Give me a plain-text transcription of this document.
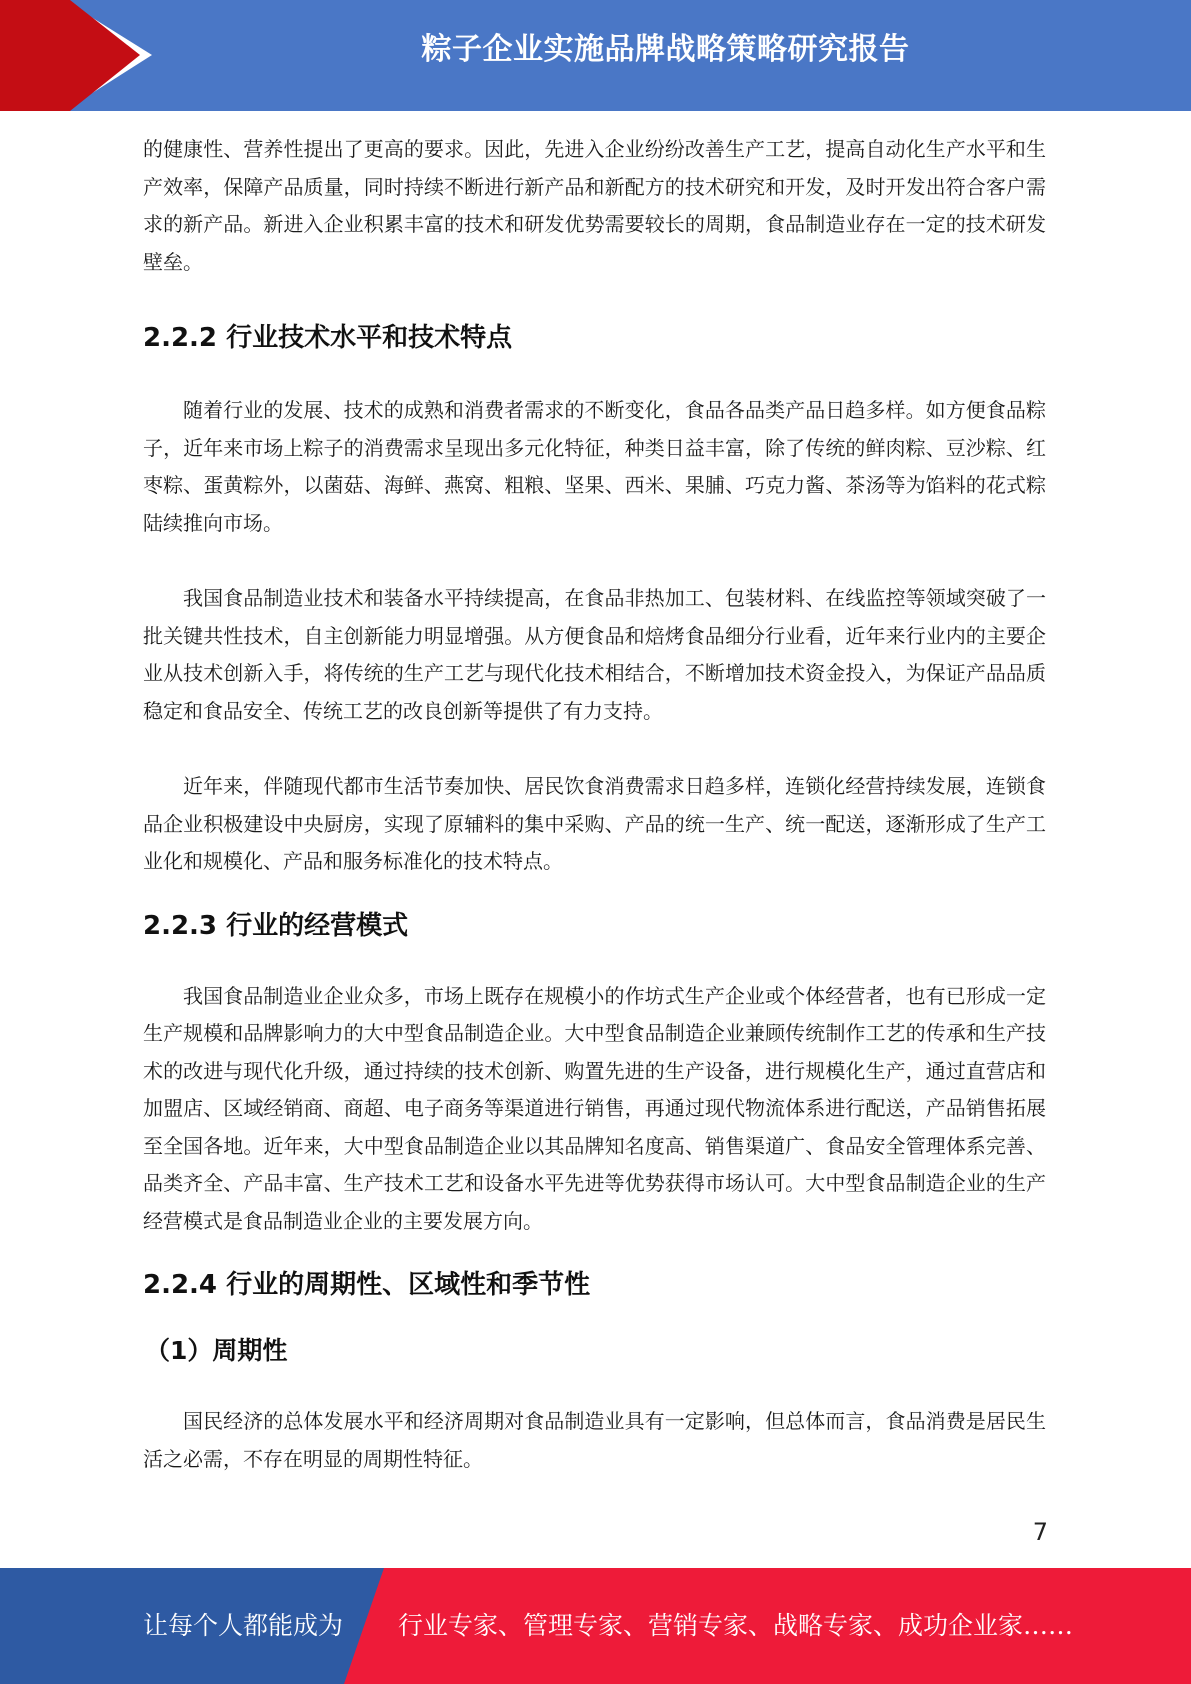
粽子企业实施品牌战略策略研究报告

的健康性、营养性提出了更高的要求。因此，先进入企业纷纷改善生产工艺，提高自动化生产水平和生产效率，保障产品质量，同时持续不断进行新产品和新配方的技术研究和开发，及时开发出符合客户需求的新产品。新进入企业积累丰富的技术和研发优势需要较长的周期，食品制造业存在一定的技术研发壁垒。

2.2.2 行业技术水平和技术特点

随着行业的发展、技术的成熟和消费者需求的不断变化，食品各品类产品日趋多样。如方便食品粽子，近年来市场上粽子的消费需求呈现出多元化特征，种类日益丰富，除了传统的鲜肉粽、豆沙粽、红枣粽、蛋黄粽外，以菌菇、海鲜、燕窝、粗粮、坚果、西米、果脯、巧克力酱、茶汤等为馅料的花式粽陆续推向市场。

我国食品制造业技术和装备水平持续提高，在食品非热加工、包装材料、在线监控等领域突破了一批关键共性技术，自主创新能力明显增强。从方便食品和焙烤食品细分行业看，近年来行业内的主要企业从技术创新入手，将传统的生产工艺与现代化技术相结合，不断增加技术资金投入，为保证产品品质稳定和食品安全、传统工艺的改良创新等提供了有力支持。

近年来，伴随现代都市生活节奏加快、居民饮食消费需求日趋多样，连锁化经营持续发展，连锁食品企业积极建设中央厨房，实现了原辅料的集中采购、产品的统一生产、统一配送，逐渐形成了生产工业化和规模化、产品和服务标准化的技术特点。

2.2.3 行业的经营模式

我国食品制造业企业众多，市场上既存在规模小的作坊式生产企业或个体经营者，也有已形成一定生产规模和品牌影响力的大中型食品制造企业。大中型食品制造企业兼顾传统制作工艺的传承和生产技术的改进与现代化升级，通过持续的技术创新、购置先进的生产设备，进行规模化生产，通过直营店和加盟店、区域经销商、商超、电子商务等渠道进行销售，再通过现代物流体系进行配送，产品销售拓展至全国各地。近年来，大中型食品制造企业以其品牌知名度高、销售渠道广、食品安全管理体系完善、品类齐全、产品丰富、生产技术工艺和设备水平先进等优势获得市场认可。大中型食品制造企业的生产经营模式是食品制造业企业的主要发展方向。

2.2.4 行业的周期性、区域性和季节性
（1）周期性

国民经济的总体发展水平和经济周期对食品制造业具有一定影响，但总体而言，食品消费是居民生活之必需，不存在明显的周期性特征。

7
让每个人都能成为 行业专家、管理专家、营销专家、战略专家、成功企业家……
